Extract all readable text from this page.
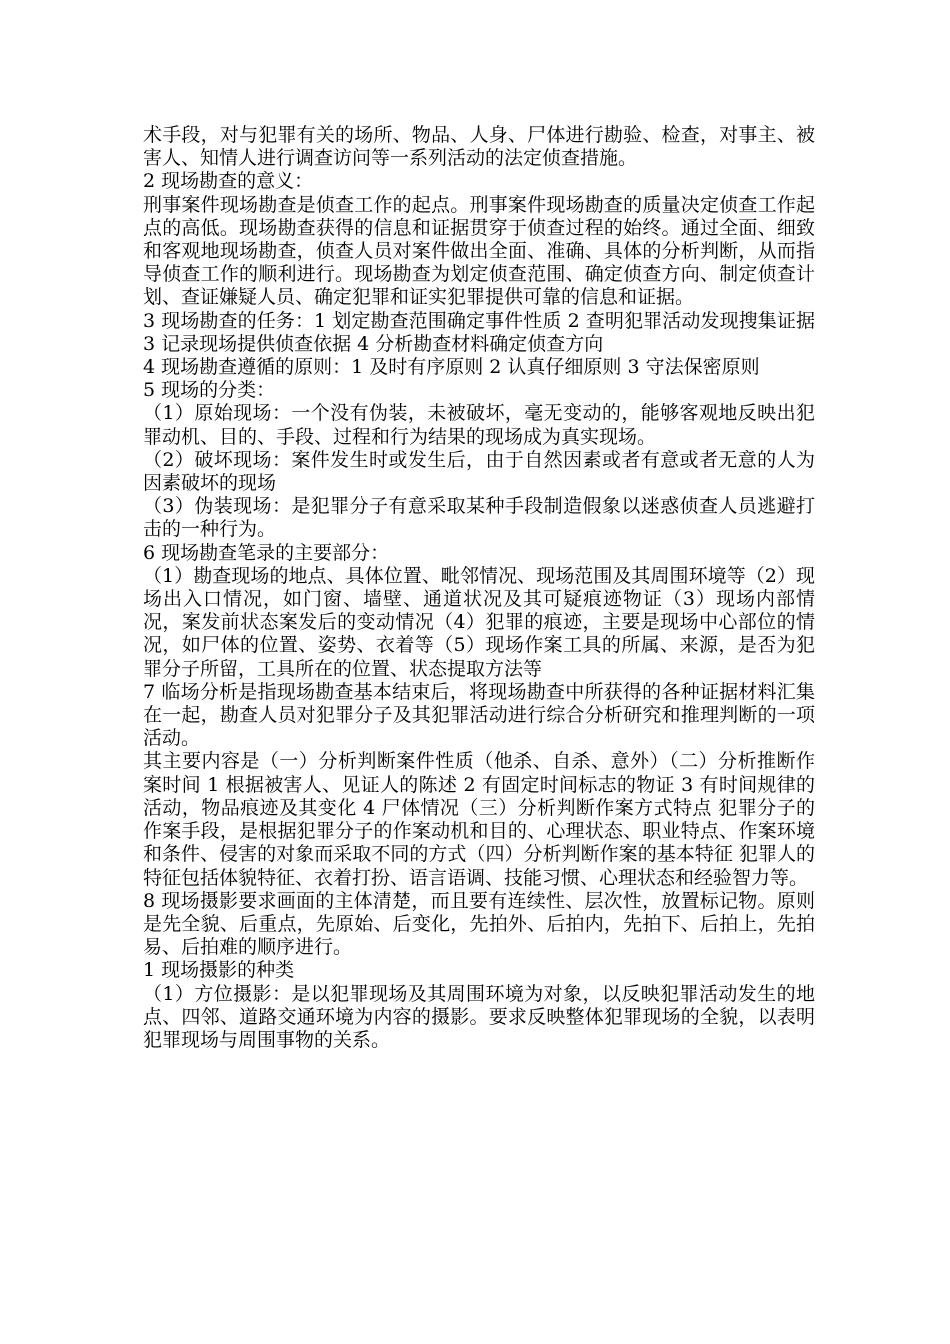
术手段，对与犯罪有关的场所、物品、人身、尸体进行勘验、检查，对事主、被害人、知情人进行调查访问等一系列活动的法定侦查措施。

2 现场勘查的意义：

刑事案件现场勘查是侦查工作的起点。刑事案件现场勘查的质量决定侦查工作起点的高低。现场勘查获得的信息和证据贯穿于侦查过程的始终。通过全面、细致和客观地现场勘查，侦查人员对案件做出全面、准确、具体的分析判断，从而指导侦查工作的顺利进行。现场勘查为划定侦查范围、确定侦查方向、制定侦查计划、查证嫌疑人员、确定犯罪和证实犯罪提供可靠的信息和证据。

3 现场勘查的任务：1 划定勘查范围确定事件性质 2 查明犯罪活动发现搜集证据 3 记录现场提供侦查依据 4 分析勘查材料确定侦查方向

4 现场勘查遵循的原则：1 及时有序原则 2 认真仔细原则 3 守法保密原则

5 现场的分类：

（1）原始现场：一个没有伪装，未被破坏，毫无变动的，能够客观地反映出犯罪动机、目的、手段、过程和行为结果的现场成为真实现场。

（2）破坏现场：案件发生时或发生后，由于自然因素或者有意或者无意的人为因素破坏的现场

（3）伪装现场：是犯罪分子有意采取某种手段制造假象以迷惑侦查人员逃避打击的一种行为。

6 现场勘查笔录的主要部分：

（1）勘查现场的地点、具体位置、毗邻情况、现场范围及其周围环境等（2）现场出入口情况，如门窗、墙壁、通道状况及其可疑痕迹物证（3）现场内部情况，案发前状态案发后的变动情况（4）犯罪的痕迹，主要是现场中心部位的情况，如尸体的位置、姿势、衣着等（5）现场作案工具的所属、来源，是否为犯罪分子所留，工具所在的位置、状态提取方法等

7 临场分析是指现场勘查基本结束后，将现场勘查中所获得的各种证据材料汇集在一起，勘查人员对犯罪分子及其犯罪活动进行综合分析研究和推理判断的一项活动。

其主要内容是（一）分析判断案件性质（他杀、自杀、意外）（二）分析推断作案时间 1 根据被害人、见证人的陈述 2 有固定时间标志的物证 3 有时间规律的活动，物品痕迹及其变化 4 尸体情况（三）分析判断作案方式特点 犯罪分子的作案手段，是根据犯罪分子的作案动机和目的、心理状态、职业特点、作案环境和条件、侵害的对象而采取不同的方式（四）分析判断作案的基本特征 犯罪人的特征包括体貌特征、衣着打扮、语言语调、技能习惯、心理状态和经验智力等。

8 现场摄影要求画面的主体清楚，而且要有连续性、层次性，放置标记物。原则是先全貌、后重点，先原始、后变化，先拍外、后拍内，先拍下、后拍上，先拍易、后拍难的顺序进行。

1 现场摄影的种类

（1）方位摄影：是以犯罪现场及其周围环境为对象，以反映犯罪活动发生的地点、四邻、道路交通环境为内容的摄影。要求反映整体犯罪现场的全貌，以表明犯罪现场与周围事物的关系。
